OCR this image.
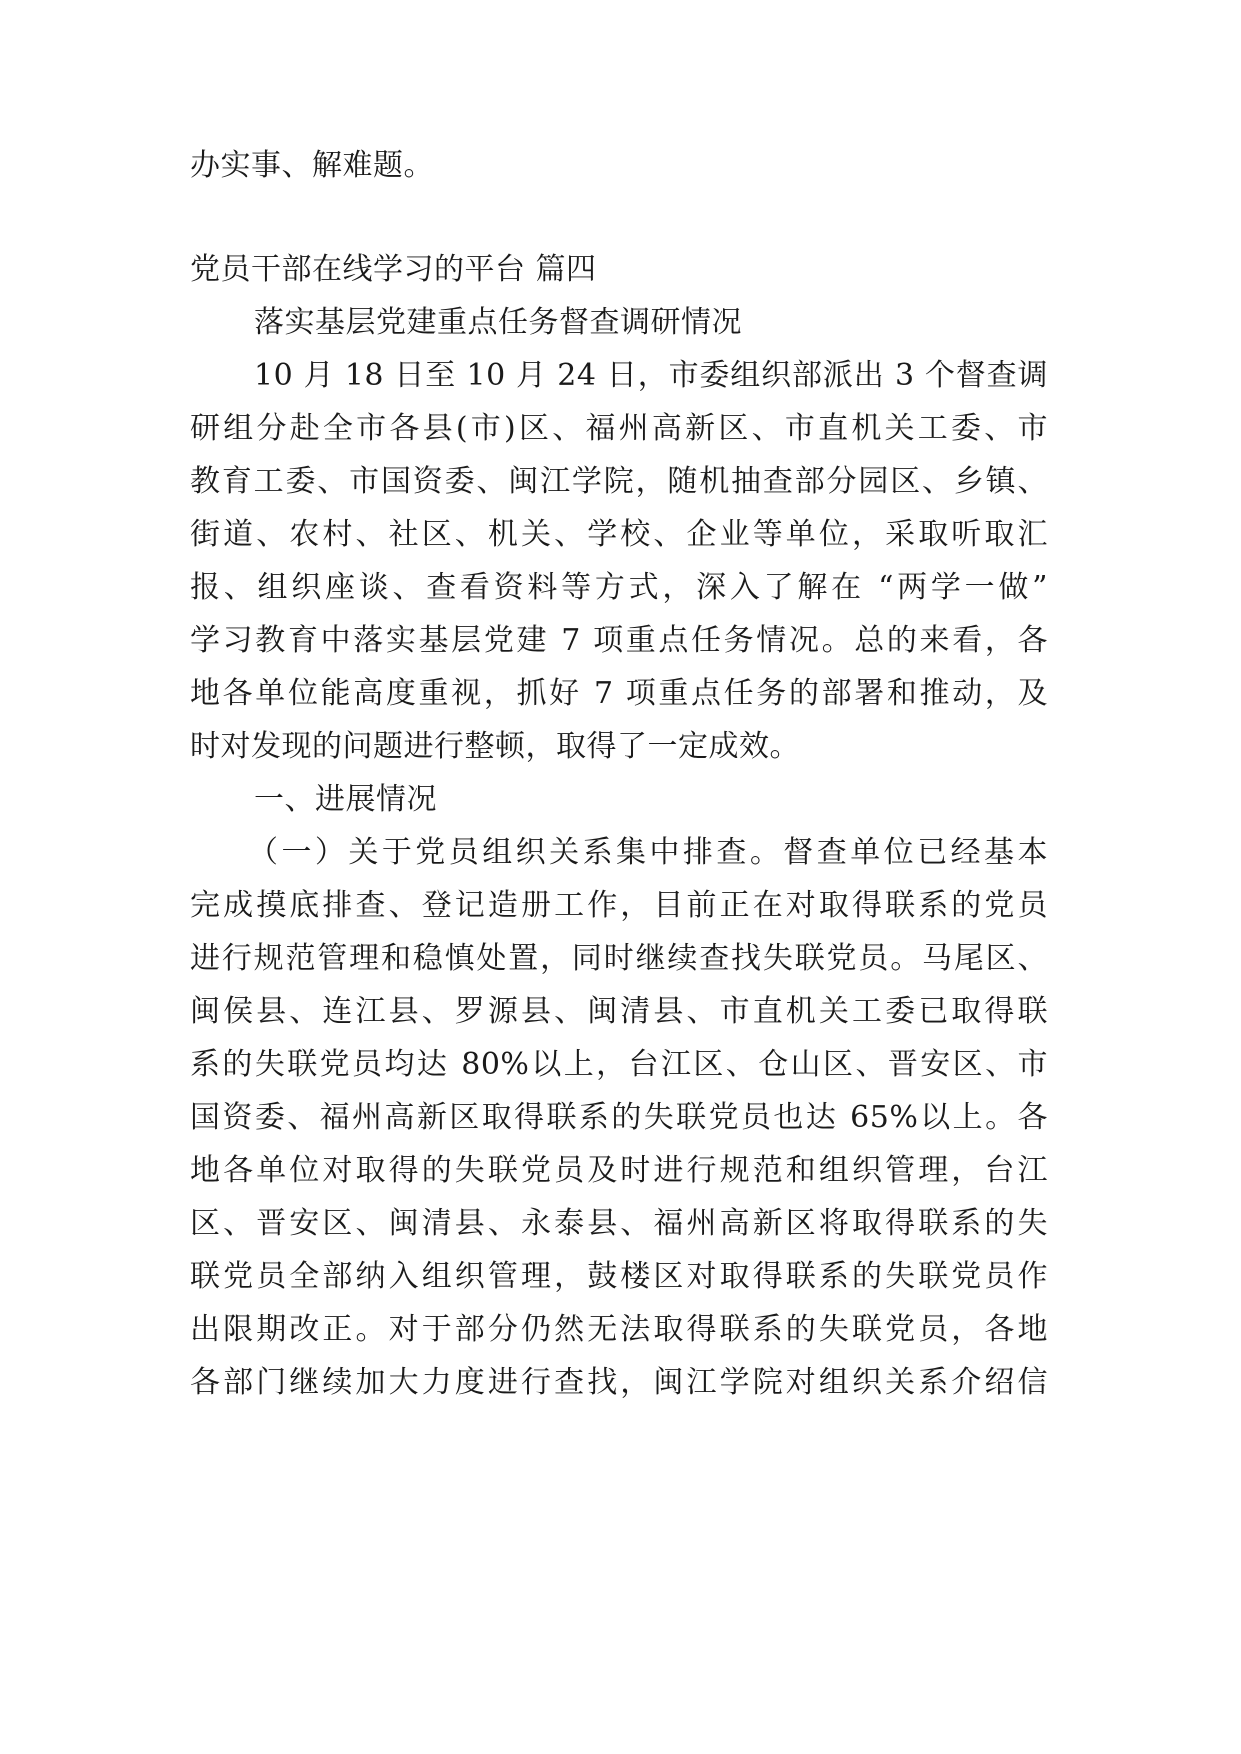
办实事、解难题。
党员干部在线学习的平台 篇四
落实基层党建重点任务督查调研情况
10 月 18 日至 10 月 24 日，市委组织部派出 3 个督查调
研组分赴全市各县(市)区、福州高新区、市直机关工委、市
教育工委、市国资委、闽江学院，随机抽查部分园区、乡镇、
街道、农村、社区、机关、学校、企业等单位，采取听取汇
报、组织座谈、查看资料等方式，深入了解在 “两学一做”
学习教育中落实基层党建 7 项重点任务情况。总的来看，各
地各单位能高度重视，抓好 7 项重点任务的部署和推动，及
时对发现的问题进行整顿，取得了一定成效。
一、进展情况
（一）关于党员组织关系集中排查。督查单位已经基本
完成摸底排查、登记造册工作，目前正在对取得联系的党员
进行规范管理和稳慎处置，同时继续查找失联党员。马尾区、
闽侯县、连江县、罗源县、闽清县、市直机关工委已取得联
系的失联党员均达 80%以上，台江区、仓山区、晋安区、市
国资委、福州高新区取得联系的失联党员也达 65%以上。各
地各单位对取得的失联党员及时进行规范和组织管理，台江
区、晋安区、闽清县、永泰县、福州高新区将取得联系的失
联党员全部纳入组织管理，鼓楼区对取得联系的失联党员作
出限期改正。对于部分仍然无法取得联系的失联党员，各地
各部门继续加大力度进行查找，闽江学院对组织关系介绍信
